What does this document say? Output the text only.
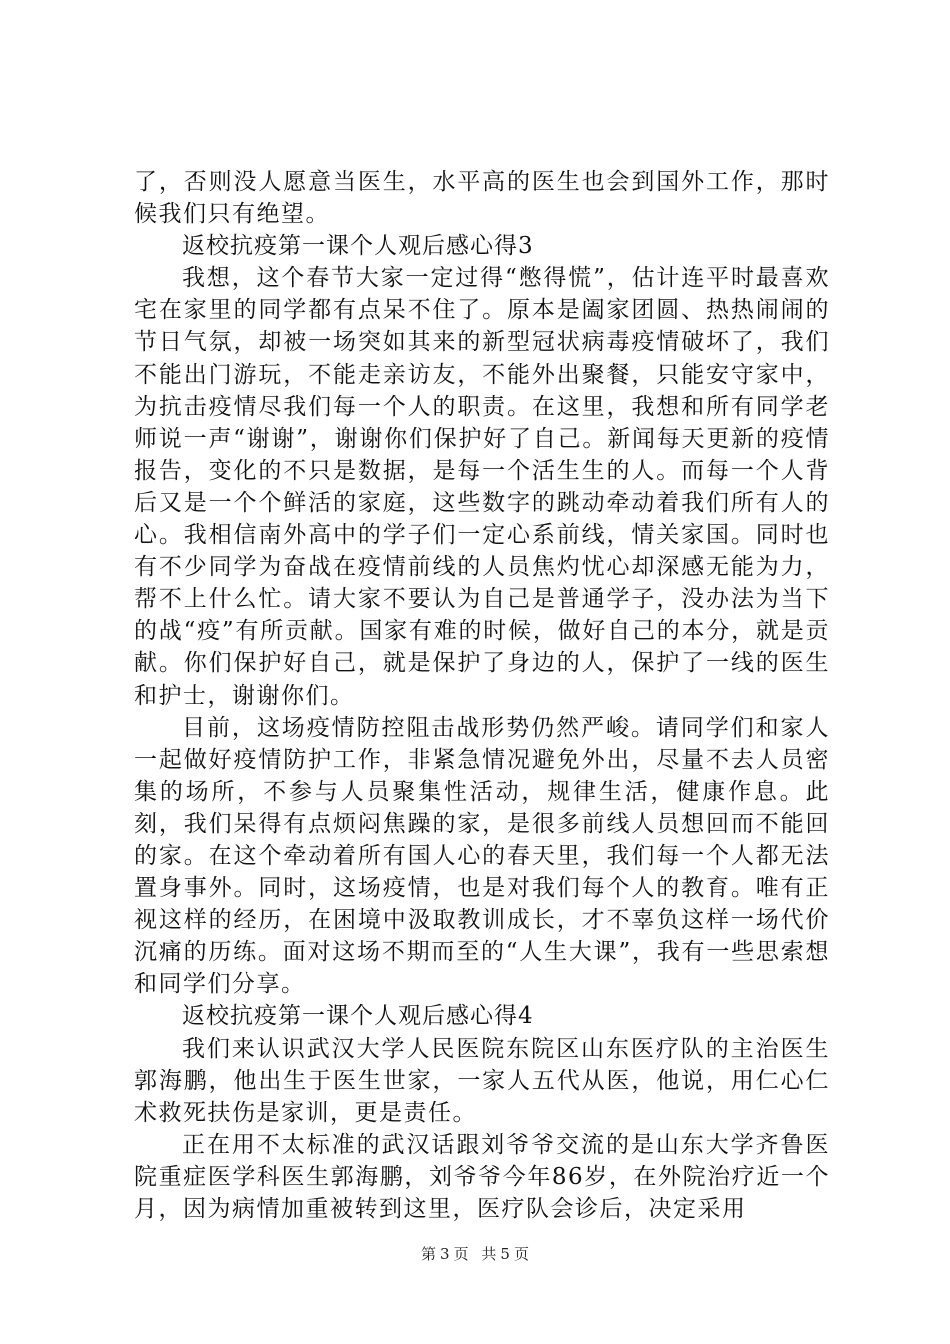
了，否则没人愿意当医生，水平高的医生也会到国外工作，那时候我们只有绝望。

返校抗疫第一课个人观后感心得3

我想，这个春节大家一定过得“憋得慌”，估计连平时最喜欢宅在家里的同学都有点呆不住了。原本是阖家团圆、热热闹闹的节日气氛，却被一场突如其来的新型冠状病毒疫情破坏了，我们不能出门游玩，不能走亲访友，不能外出聚餐，只能安守家中，为抗击疫情尽我们每一个人的职责。在这里，我想和所有同学老师说一声“谢谢”，谢谢你们保护好了自己。新闻每天更新的疫情报告，变化的不只是数据，是每一个活生生的人。而每一个人背后又是一个个鲜活的家庭，这些数字的跳动牵动着我们所有人的心。我相信南外高中的学子们一定心系前线，情关家国。同时也有不少同学为奋战在疫情前线的人员焦灼忧心却深感无能为力，帮不上什么忙。请大家不要认为自己是普通学子，没办法为当下的战“疫”有所贡献。国家有难的时候，做好自己的本分，就是贡献。你们保护好自己，就是保护了身边的人，保护了一线的医生和护士，谢谢你们。

目前，这场疫情防控阻击战形势仍然严峻。请同学们和家人一起做好疫情防护工作，非紧急情况避免外出，尽量不去人员密集的场所，不参与人员聚集性活动，规律生活，健康作息。此刻，我们呆得有点烦闷焦躁的家，是很多前线人员想回而不能回的家。在这个牵动着所有国人心的春天里，我们每一个人都无法置身事外。同时，这场疫情，也是对我们每个人的教育。唯有正视这样的经历，在困境中汲取教训成长，才不辜负这样一场代价沉痛的历练。面对这场不期而至的“人生大课”，我有一些思索想和同学们分享。

返校抗疫第一课个人观后感心得4

我们来认识武汉大学人民医院东院区山东医疗队的主治医生郭海鹏，他出生于医生世家，一家人五代从医，他说，用仁心仁术救死扶伤是家训，更是责任。

正在用不太标准的武汉话跟刘爷爷交流的是山东大学齐鲁医院重症医学科医生郭海鹏，刘爷爷今年86岁，在外院治疗近一个月，因为病情加重被转到这里，医疗队会诊后，决定采用

第 3 页 共 5 页
